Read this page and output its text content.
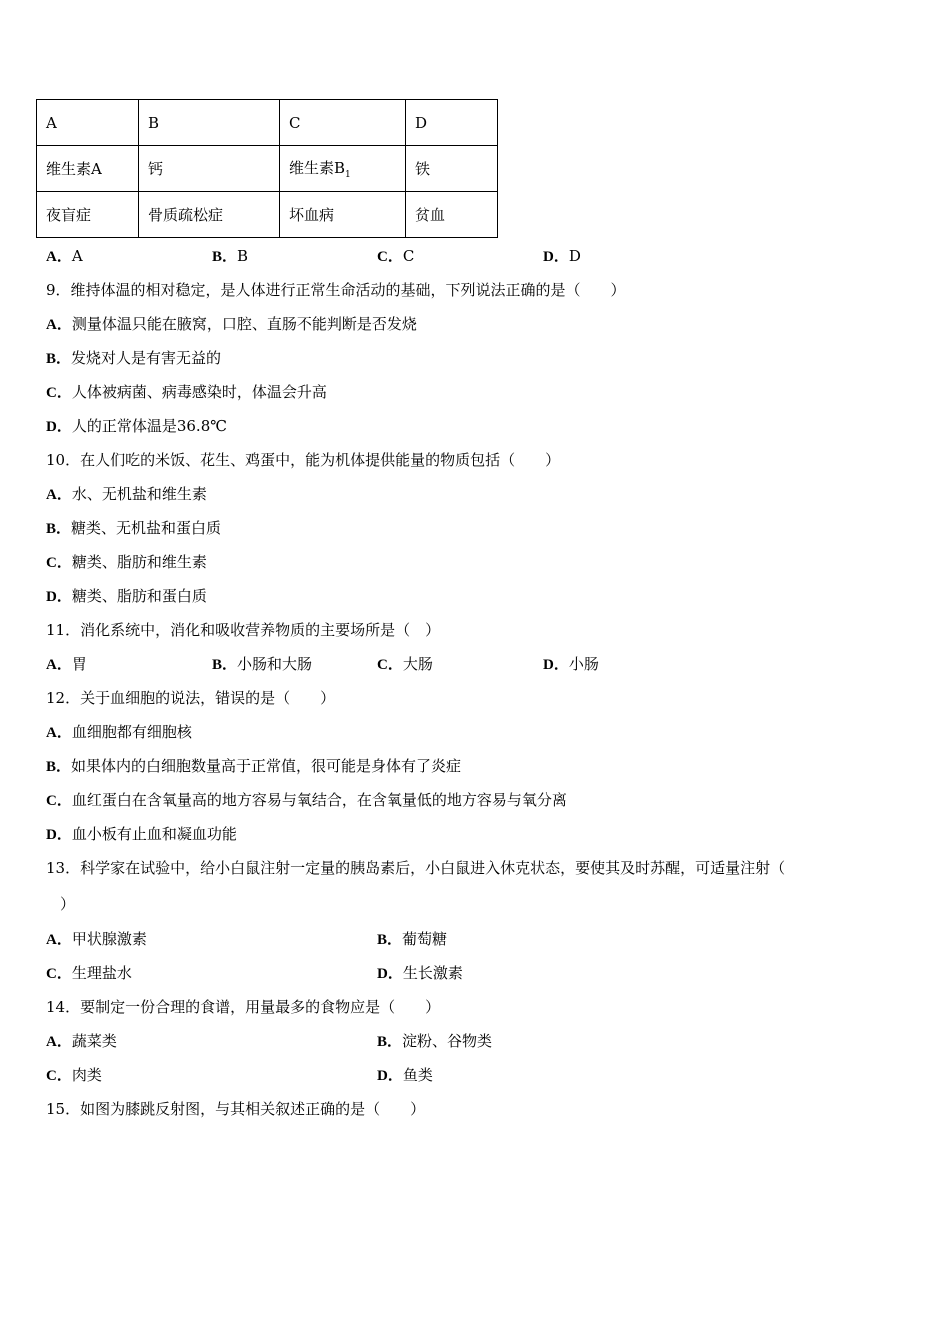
A	B	C	D
维生素A	钙	维生素$B_1$	铁
夜盲症	骨质疏松症	坏血病	贫血
A．A	B．B	C．C	D．D
9．维持体温的相对稳定，是人体进行正常生命活动的基础，下列说法正确的是（　　）
A．测量体温只能在腋窝，口腔、直肠不能判断是否发烧
B．发烧对人是有害无益的
C．人体被病菌、病毒感染时，体温会升高
D．人的正常体温是36.8℃
10．在人们吃的米饭、花生、鸡蛋中，能为机体提供能量的物质包括（　　）
A．水、无机盐和维生素
B．糖类、无机盐和蛋白质
C．糖类、脂肪和维生素
D．糖类、脂肪和蛋白质
11．消化系统中，消化和吸收营养物质的主要场所是（　）
A．胃	B．小肠和大肠	C．大肠	D．小肠
12．关于血细胞的说法，错误的是（　　）
A．血细胞都有细胞核
B．如果体内的白细胞数量高于正常值，很可能是身体有了炎症
C．血红蛋白在含氧量高的地方容易与氧结合，在含氧量低的地方容易与氧分离
D．血小板有止血和凝血功能
13．科学家在试验中，给小白鼠注射一定量的胰岛素后，小白鼠进入休克状态，要使其及时苏醒，可适量注射（
）
A．甲状腺激素	B．葡萄糖
C．生理盐水	D．生长激素
14．要制定一份合理的食谱，用量最多的食物应是（　　）
A．蔬菜类	B．淀粉、谷物类
C．肉类	D．鱼类
15．如图为膝跳反射图，与其相关叙述正确的是（　　）
